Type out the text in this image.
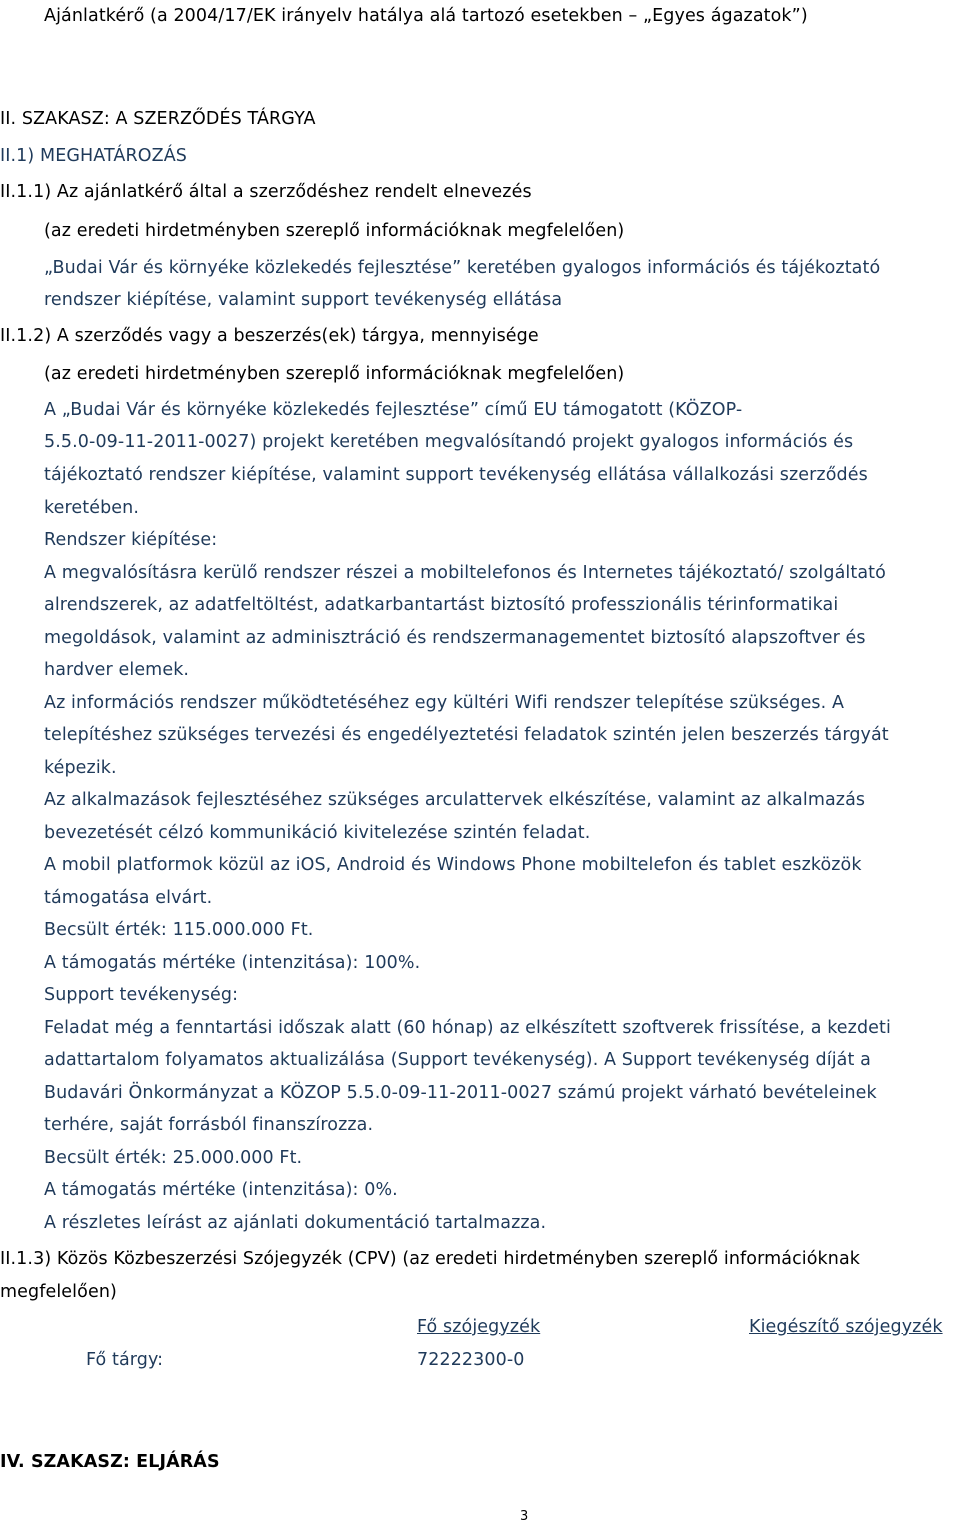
Ajánlatkérő (a 2004/17/EK irányelv hatálya alá tartozó esetekben – „Egyes ágazatok”)
II. SZAKASZ: A SZERZŐDÉS TÁRGYA
II.1) MEGHATÁROZÁS
II.1.1) Az ajánlatkérő által a szerződéshez rendelt elnevezés
(az eredeti hirdetményben szereplő információknak megfelelően)
„Budai Vár és környéke közlekedés fejlesztése” keretében gyalogos információs és tájékoztató
rendszer kiépítése, valamint support tevékenység ellátása
II.1.2) A szerződés vagy a beszerzés(ek) tárgya, mennyisége
(az eredeti hirdetményben szereplő információknak megfelelően)
A „Budai Vár és környéke közlekedés fejlesztése” című EU támogatott (KÖZOP-
5.5.0-09-11-2011-0027) projekt keretében megvalósítandó projekt gyalogos információs és
tájékoztató rendszer kiépítése, valamint support tevékenység ellátása vállalkozási szerződés
keretében.
Rendszer kiépítése:
A megvalósításra kerülő rendszer részei a mobiltelefonos és Internetes tájékoztató/ szolgáltató
alrendszerek, az adatfeltöltést, adatkarbantartást biztosító professzionális térinformatikai
megoldások, valamint az adminisztráció és rendszermanagementet biztosító alapszoftver és
hardver elemek.
Az információs rendszer működtetéséhez egy kültéri Wifi rendszer telepítése szükséges. A
telepítéshez szükséges tervezési és engedélyeztetési feladatok szintén jelen beszerzés tárgyát
képezik.
Az alkalmazások fejlesztéséhez szükséges arculattervek elkészítése, valamint az alkalmazás
bevezetését célzó kommunikáció kivitelezése szintén feladat.
A mobil platformok közül az iOS, Android és Windows Phone mobiltelefon és tablet eszközök
támogatása elvárt.
Becsült érték: 115.000.000 Ft.
A támogatás mértéke (intenzitása): 100%.
Support tevékenység:
Feladat még a fenntartási időszak alatt (60 hónap) az elkészített szoftverek frissítése, a kezdeti
adattartalom folyamatos aktualizálása (Support tevékenység). A Support tevékenység díját a
Budavári Önkormányzat a KÖZOP 5.5.0-09-11-2011-0027 számú projekt várható bevételeinek
terhére, saját forrásból finanszírozza.
Becsült érték: 25.000.000 Ft.
A támogatás mértéke (intenzitása): 0%.
A részletes leírást az ajánlati dokumentáció tartalmazza.
II.1.3) Közös Közbeszerzési Szójegyzék (CPV) (az eredeti hirdetményben szereplő információknak
megfelelően)
Fő szójegyzék	Kiegészítő szójegyzék
Fő tárgy:	72222300-0
IV. SZAKASZ: ELJÁRÁS
3
